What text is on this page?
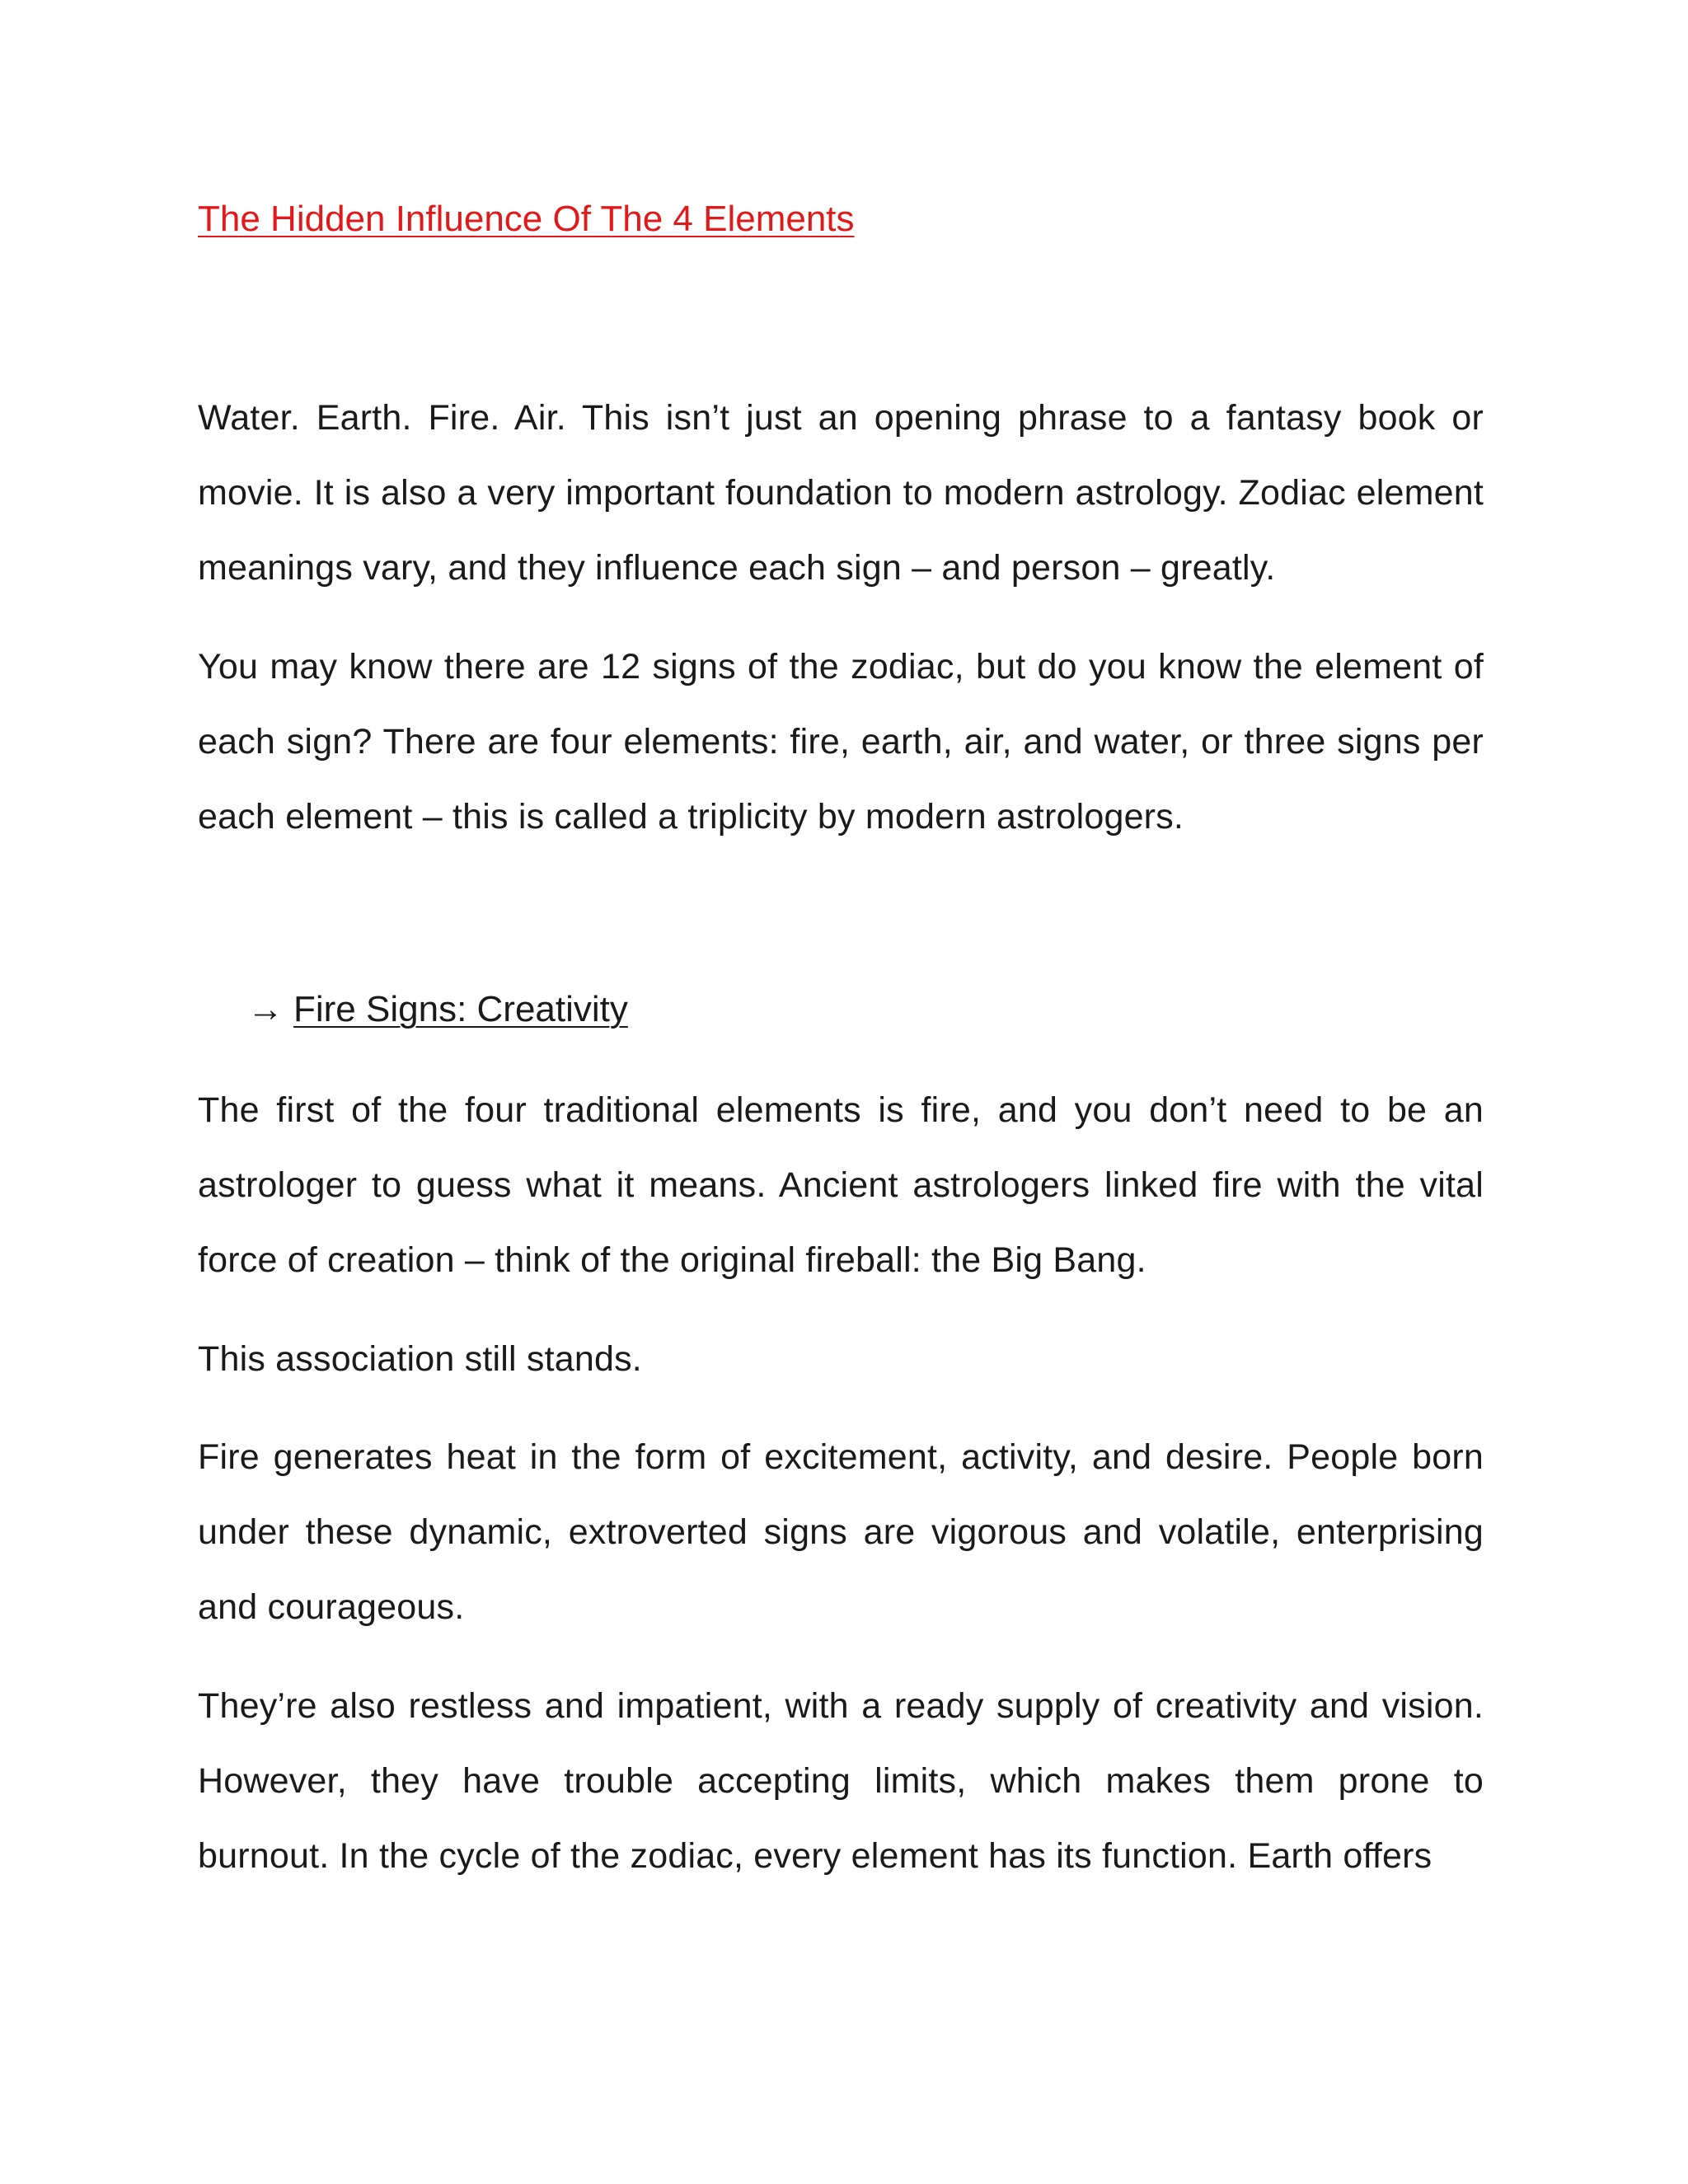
The Hidden Influence Of The 4 Elements

Water. Earth. Fire. Air. This isn’t just an opening phrase to a fantasy book or movie. It is also a very important foundation to modern astrology. Zodiac element meanings vary, and they influence each sign – and person – greatly.

You may know there are 12 signs of the zodiac, but do you know the element of each sign? There are four elements: fire, earth, air, and water, or three signs per each element – this is called a triplicity by modern astrologers.

→ Fire Signs: Creativity

The first of the four traditional elements is fire, and you don’t need to be an astrologer to guess what it means. Ancient astrologers linked fire with the vital force of creation – think of the original fireball: the Big Bang.

This association still stands.

Fire generates heat in the form of excitement, activity, and desire. People born under these dynamic, extroverted signs are vigorous and volatile, enterprising and courageous.

They’re also restless and impatient, with a ready supply of creativity and vision. However, they have trouble accepting limits, which makes them prone to burnout. In the cycle of the zodiac, every element has its function. Earth offers
